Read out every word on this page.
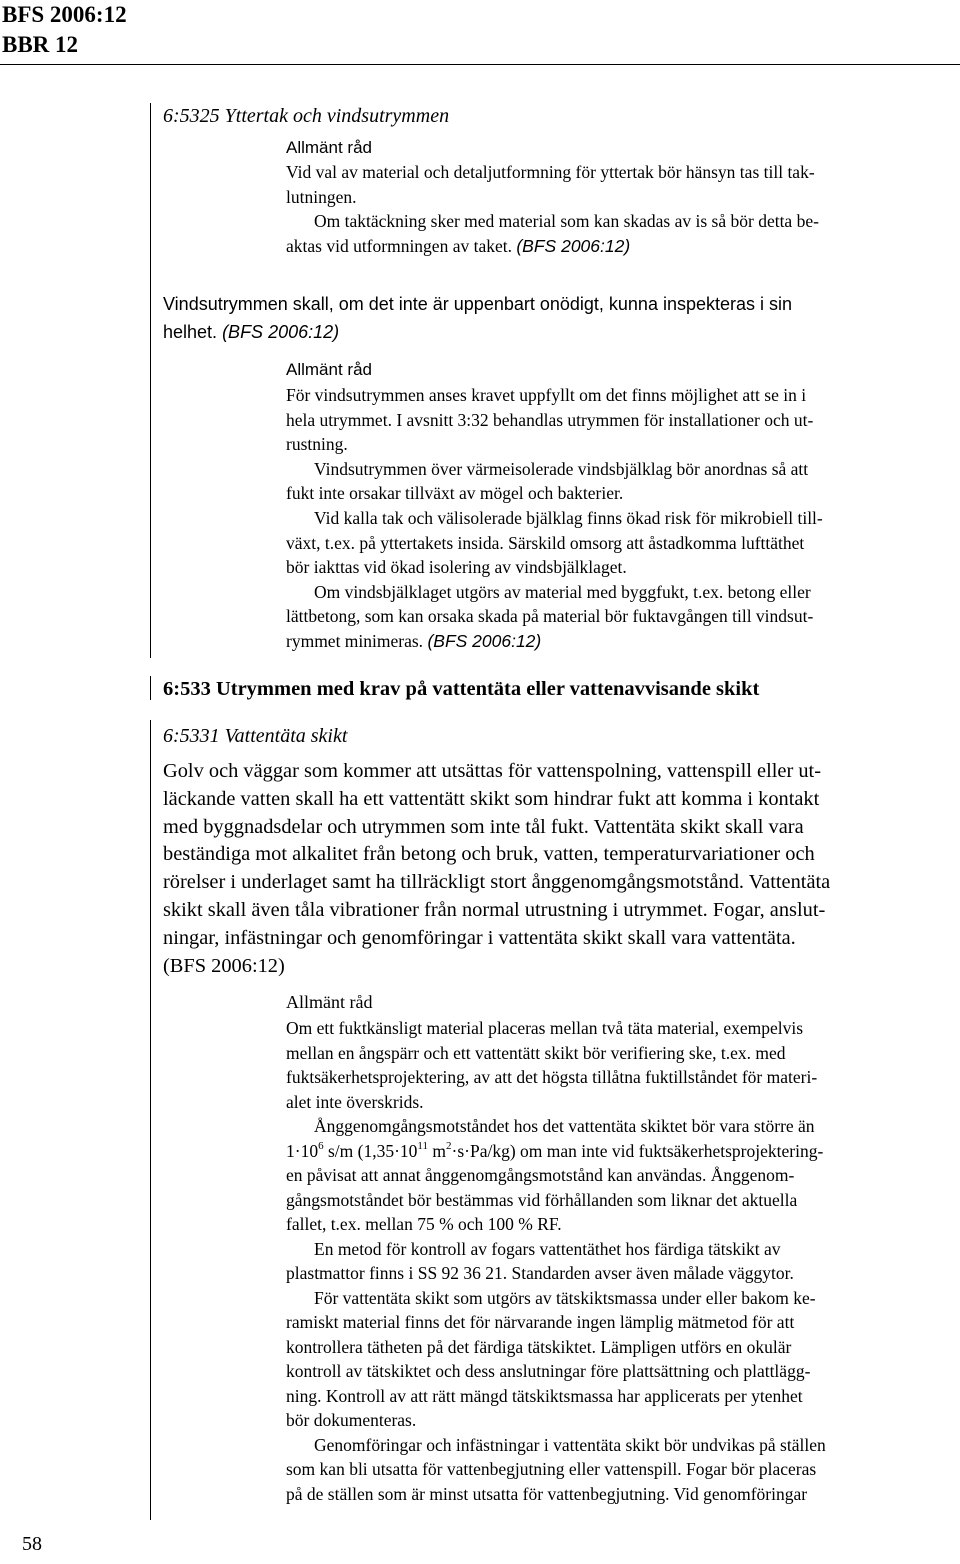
BFS 2006:12
BBR 12
6:5325 Yttertak och vindsutrymmen
Allmänt råd

Vid val av material och detaljutformning för yttertak bör hänsyn tas till tak-

lutningen.

Om taktäckning sker med material som kan skadas av is så bör detta be-

aktas vid utformningen av taket. (BFS 2006:12)

Vindsutrymmen skall, om det inte är uppenbart onödigt, kunna inspekteras i sin
helhet. (BFS 2006:12)
Allmänt råd

För vindsutrymmen anses kravet uppfyllt om det finns möjlighet att se in i

hela utrymmet. I avsnitt 3:32 behandlas utrymmen för installationer och ut-

rustning.

Vindsutrymmen över värmeisolerade vindsbjälklag bör anordnas så att

fukt inte orsakar tillväxt av mögel och bakterier.

Vid kalla tak och välisolerade bjälklag finns ökad risk för mikrobiell till-

växt, t.ex. på yttertakets insida. Särskild omsorg att åstadkomma lufttäthet

bör iakttas vid ökad isolering av vindsbjälklaget.

Om vindsbjälklaget utgörs av material med byggfukt, t.ex. betong eller

lättbetong, som kan orsaka skada på material bör fuktavgången till vindsut-

rymmet minimeras. (BFS 2006:12)

6:533 Utrymmen med krav på vattentäta eller vattenavvisande skikt
6:5331 Vattentäta skikt
Golv och väggar som kommer att utsättas för vattenspolning, vattenspill eller ut-
läckande vatten skall ha ett vattentätt skikt som hindrar fukt att komma i kontakt
med byggnadsdelar och utrymmen som inte tål fukt. Vattentäta skikt skall vara
beständiga mot alkalitet från betong och bruk, vatten, temperaturvariationer och
rörelser i underlaget samt ha tillräckligt stort ånggenomgångsmotstånd. Vattentäta
skikt skall även tåla vibrationer från normal utrustning i utrymmet. Fogar, anslut-
ningar, infästningar och genomföringar i vattentäta skikt skall vara vattentäta.
(BFS 2006:12)
Allmänt råd

Om ett fuktkänsligt material placeras mellan två täta material, exempelvis

mellan en ångspärr och ett vattentätt skikt bör verifiering ske, t.ex. med

fuktsäkerhetsprojektering, av att det högsta tillåtna fuktillståndet för materi-

alet inte överskrids.

Ånggenomgångsmotståndet hos det vattentäta skiktet bör vara större än

$1\cdot 10^6$ s/m ($1,35\cdot 10^{11}$ $m^2\cdot s\cdot Pa/kg$) om man inte vid fuktsäkerhetsprojektering-

en påvisat att annat ånggenomgångsmotstånd kan användas. Ånggenom-

gångsmotståndet bör bestämmas vid förhållanden som liknar det aktuella

fallet, t.ex. mellan 75 % och 100 % RF.

En metod för kontroll av fogars vattentäthet hos färdiga tätskikt av

plastmattor finns i SS 92 36 21. Standarden avser även målade väggytor.

För vattentäta skikt som utgörs av tätskiktsmassa under eller bakom ke-

ramiskt material finns det för närvarande ingen lämplig mätmetod för att

kontrollera tätheten på det färdiga tätskiktet. Lämpligen utförs en okulär

kontroll av tätskiktet och dess anslutningar före plattsättning och plattlägg-

ning. Kontroll av att rätt mängd tätskiktsmassa har applicerats per ytenhet

bör dokumenteras.

Genomföringar och infästningar i vattentäta skikt bör undvikas på ställen

som kan bli utsatta för vattenbegjutning eller vattenspill. Fogar bör placeras

på de ställen som är minst utsatta för vattenbegjutning. Vid genomföringar

58
